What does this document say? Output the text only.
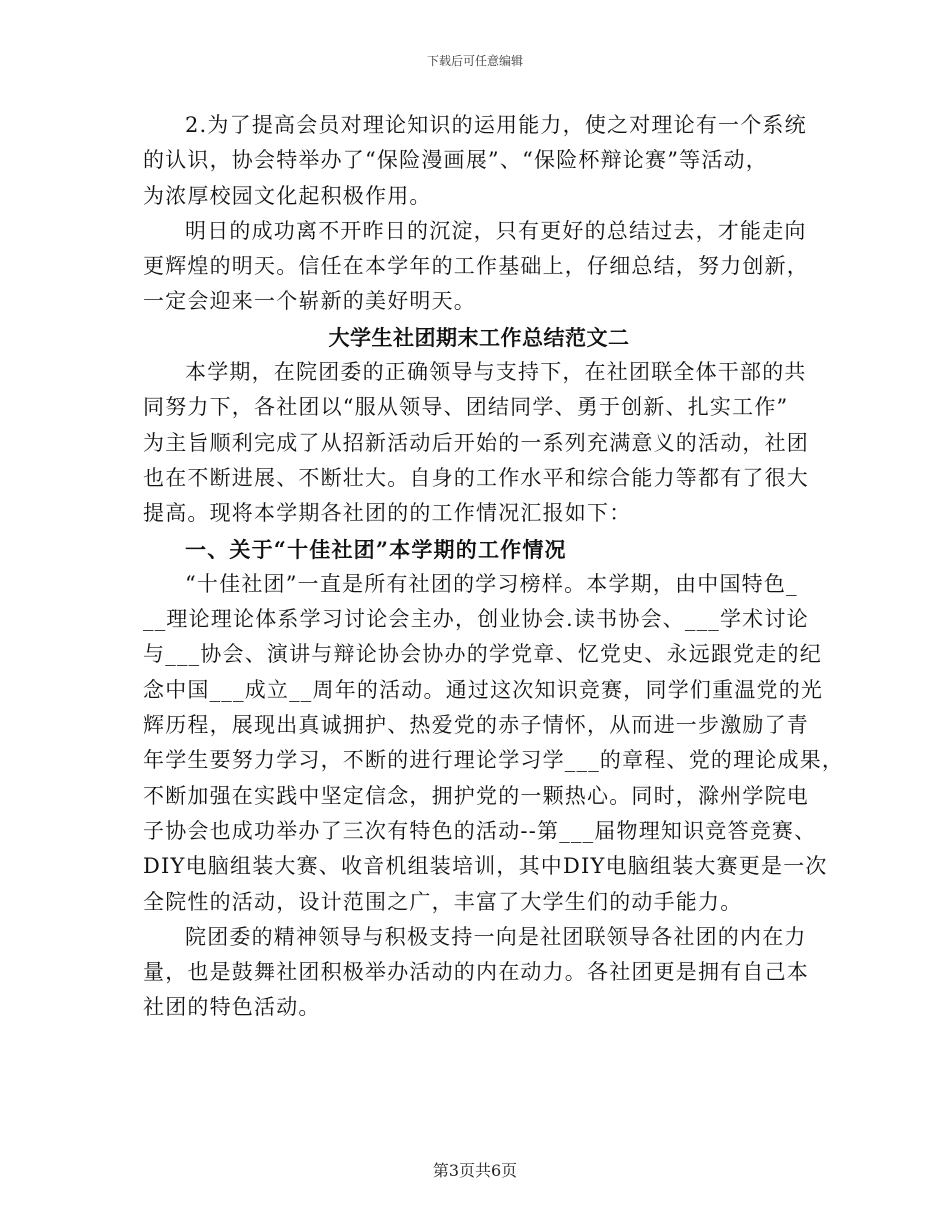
下载后可任意编辑
2.为了提高会员对理论知识的运用能力，使之对理论有一个系统
的认识，协会特举办了“保险漫画展”、“保险杯辩论赛”等活动，
为浓厚校园文化起积极作用。
明日的成功离不开昨日的沉淀，只有更好的总结过去，才能走向
更辉煌的明天。信任在本学年的工作基础上，仔细总结，努力创新，
一定会迎来一个崭新的美好明天。
大学生社团期末工作总结范文二
本学期，在院团委的正确领导与支持下，在社团联全体干部的共
同努力下，各社团以“服从领导、团结同学、勇于创新、扎实工作”
为主旨顺利完成了从招新活动后开始的一系列充满意义的活动，社团
也在不断进展、不断壮大。自身的工作水平和综合能力等都有了很大
提高。现将本学期各社团的的工作情况汇报如下：
一、关于“十佳社团”本学期的工作情况
“十佳社团”一直是所有社团的学习榜样。本学期，由中国特色_
__理论理论体系学习讨论会主办，创业协会.读书协会、___学术讨论
与___协会、演讲与辩论协会协办的学党章、忆党史、永远跟党走的纪
念中国___成立__周年的活动。通过这次知识竞赛，同学们重温党的光
辉历程，展现出真诚拥护、热爱党的赤子情怀，从而进一步激励了青
年学生要努力学习，不断的进行理论学习学___的章程、党的理论成果，
不断加强在实践中坚定信念，拥护党的一颗热心。同时，滁州学院电
子协会也成功举办了三次有特色的活动--第___届物理知识竞答竞赛、
DIY电脑组装大赛、收音机组装培训，其中DIY电脑组装大赛更是一次
全院性的活动，设计范围之广，丰富了大学生们的动手能力。
院团委的精神领导与积极支持一向是社团联领导各社团的内在力
量，也是鼓舞社团积极举办活动的内在动力。各社团更是拥有自己本
社团的特色活动。
第3页共6页
